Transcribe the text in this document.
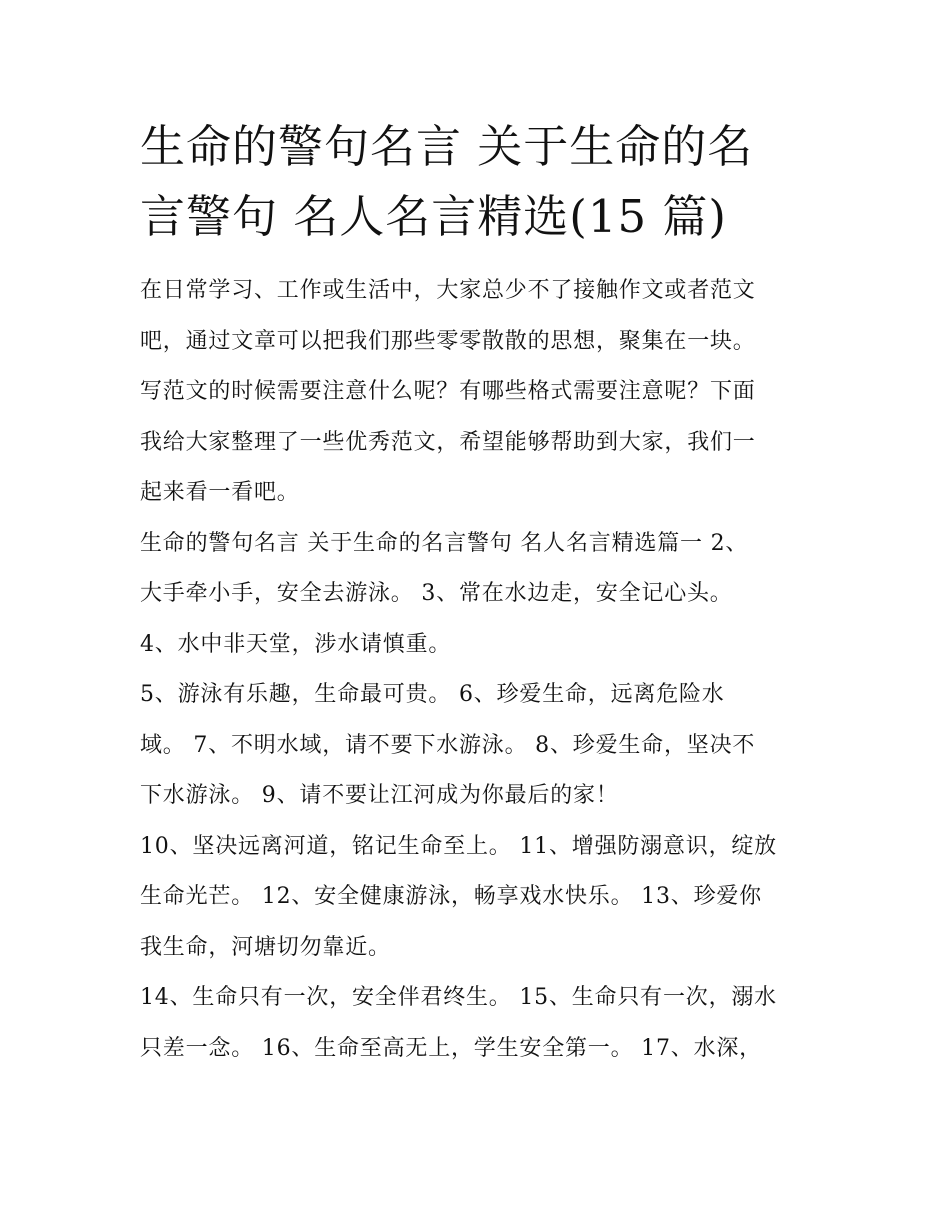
生命的警句名言 关于生命的名
言警句 名人名言精选(15 篇)

在日常学习、工作或生活中，大家总少不了接触作文或者范文
吧，通过文章可以把我们那些零零散散的思想，聚集在一块。
写范文的时候需要注意什么呢？有哪些格式需要注意呢？下面
我给大家整理了一些优秀范文，希望能够帮助到大家，我们一
起来看一看吧。

生命的警句名言 关于生命的名言警句 名人名言精选篇一 2、
大手牵小手，安全去游泳。 3、常在水边走，安全记心头。

4、水中非天堂，涉水请慎重。

5、游泳有乐趣，生命最可贵。 6、珍爱生命，远离危险水
域。 7、不明水域，请不要下水游泳。 8、珍爱生命，坚决不
下水游泳。 9、请不要让江河成为你最后的家！

10、坚决远离河道，铭记生命至上。 11、增强防溺意识，绽放
生命光芒。 12、安全健康游泳，畅享戏水快乐。 13、珍爱你
我生命，河塘切勿靠近。

14、生命只有一次，安全伴君终生。 15、生命只有一次，溺水
只差一念。 16、生命至高无上，学生安全第一。 17、水深，
